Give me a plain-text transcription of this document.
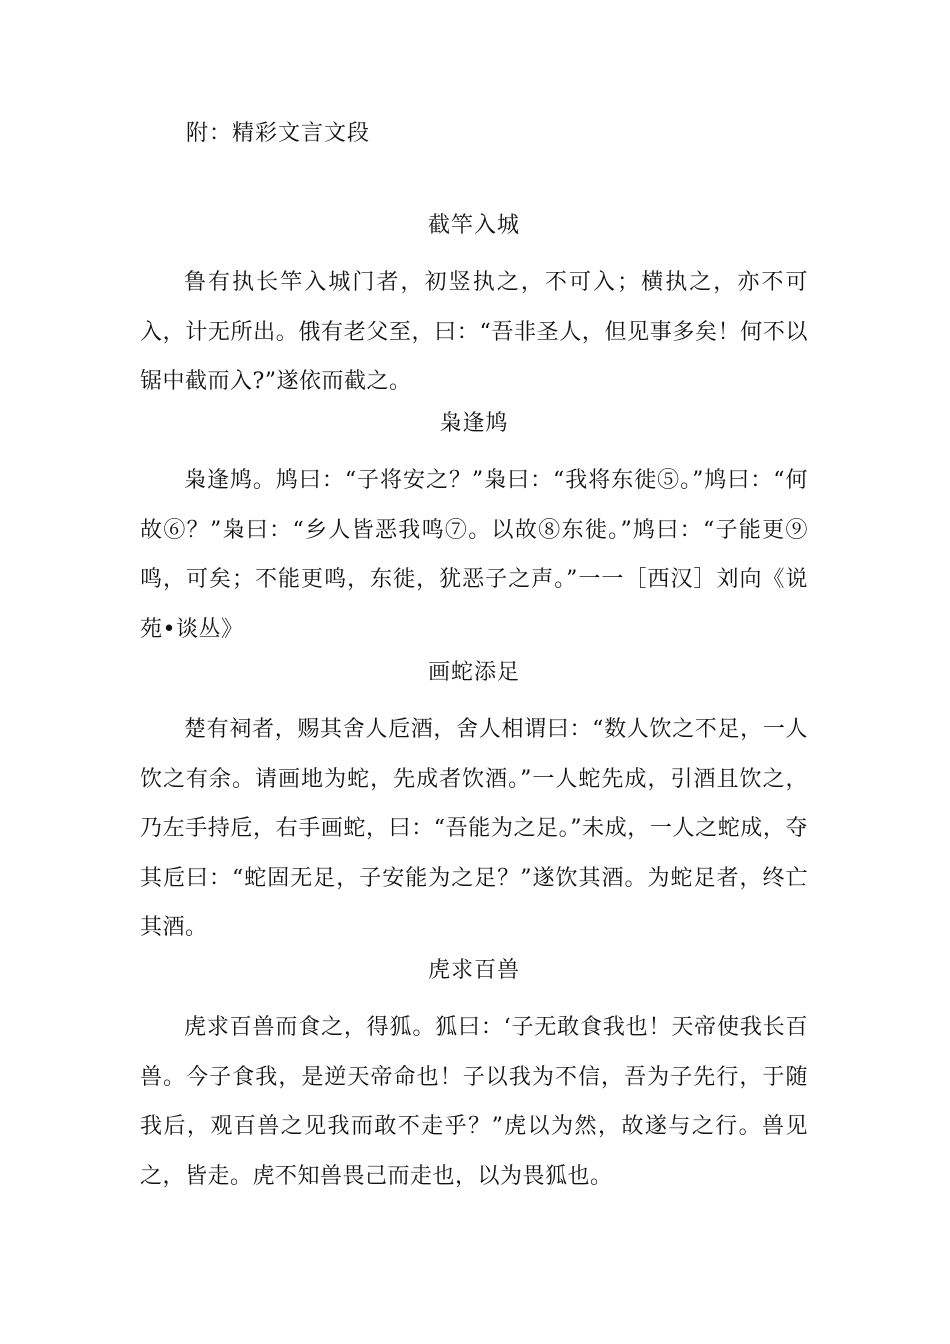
附：精彩文言文段
截竿入城

鲁有执长竿入城门者，初竖执之，不可入；横执之，亦不可入，计无所出。俄有老父至，曰：“吾非圣人，但见事多矣！何不以锯中截而入?”遂依而截之。

枭逢鸠

枭逢鸠。鸠曰：“子将安之？”枭曰：“我将东徙⑤。”鸠曰：“何故⑥？”枭曰：“乡人皆恶我鸣⑦。以故⑧东徙。”鸠曰：“子能更⑨鸣，可矣；不能更鸣，东徙，犹恶子之声。”一一［西汉］刘向《说苑•谈丛》

画蛇添足

楚有祠者，赐其舍人卮酒，舍人相谓曰：“数人饮之不足，一人饮之有余。请画地为蛇，先成者饮酒。”一人蛇先成，引酒且饮之，乃左手持卮，右手画蛇，曰：“吾能为之足。”未成，一人之蛇成，夺其卮曰：“蛇固无足，子安能为之足？”遂饮其酒。为蛇足者，终亡其酒。

虎求百兽

虎求百兽而食之，得狐。狐曰：‘子无敢食我也！天帝使我长百兽。今子食我，是逆天帝命也！子以我为不信，吾为子先行，于随我后，观百兽之见我而敢不走乎？”虎以为然，故遂与之行。兽见之，皆走。虎不知兽畏己而走也，以为畏狐也。
